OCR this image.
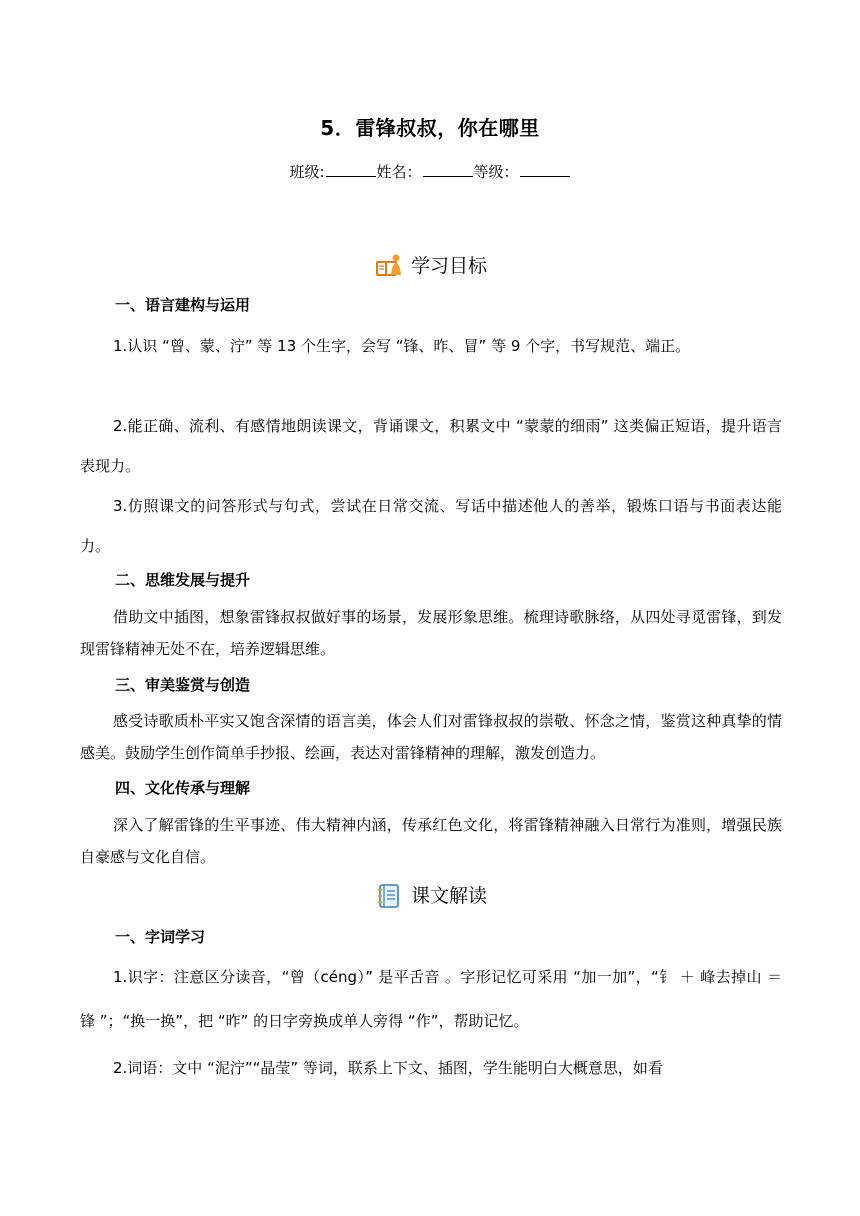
5．雷锋叔叔，你在哪里
班级:	姓名：	等级：
学习目标
一、语言建构与运用
1.认识 “曾、蒙、泞” 等 13 个生字，会写 “锋、昨、冒” 等 9 个字，书写规范、端正。
2.能正确、流利、有感情地朗读课文，背诵课文，积累文中 “蒙蒙的细雨” 这类偏正短语，提升语言表现力。
3.仿照课文的问答形式与句式，尝试在日常交流、写话中描述他人的善举，锻炼口语与书面表达能力。
二、思维发展与提升
借助文中插图，想象雷锋叔叔做好事的场景，发展形象思维。梳理诗歌脉络，从四处寻觅雷锋，到发现雷锋精神无处不在，培养逻辑思维。
三、审美鉴赏与创造
感受诗歌质朴平实又饱含深情的语言美，体会人们对雷锋叔叔的崇敬、怀念之情，鉴赏这种真挚的情感美。鼓励学生创作简单手抄报、绘画，表达对雷锋精神的理解，激发创造力。
四、文化传承与理解
深入了解雷锋的生平事迹、伟大精神内涵，传承红色文化，将雷锋精神融入日常行为准则，增强民族自豪感与文化自信。
课文解读
一、字词学习
1.识字：注意区分读音，“曾（céng）” 是平舌音 。字形记忆可采用 “加一加”，“钅 ＋ 峰去掉山 ＝ 锋 ”；“换一换”，把 “昨” 的日字旁换成单人旁得 “作”，帮助记忆。
2.词语：文中 “泥泞”“晶莹” 等词，联系上下文、插图，学生能明白大概意思，如看
